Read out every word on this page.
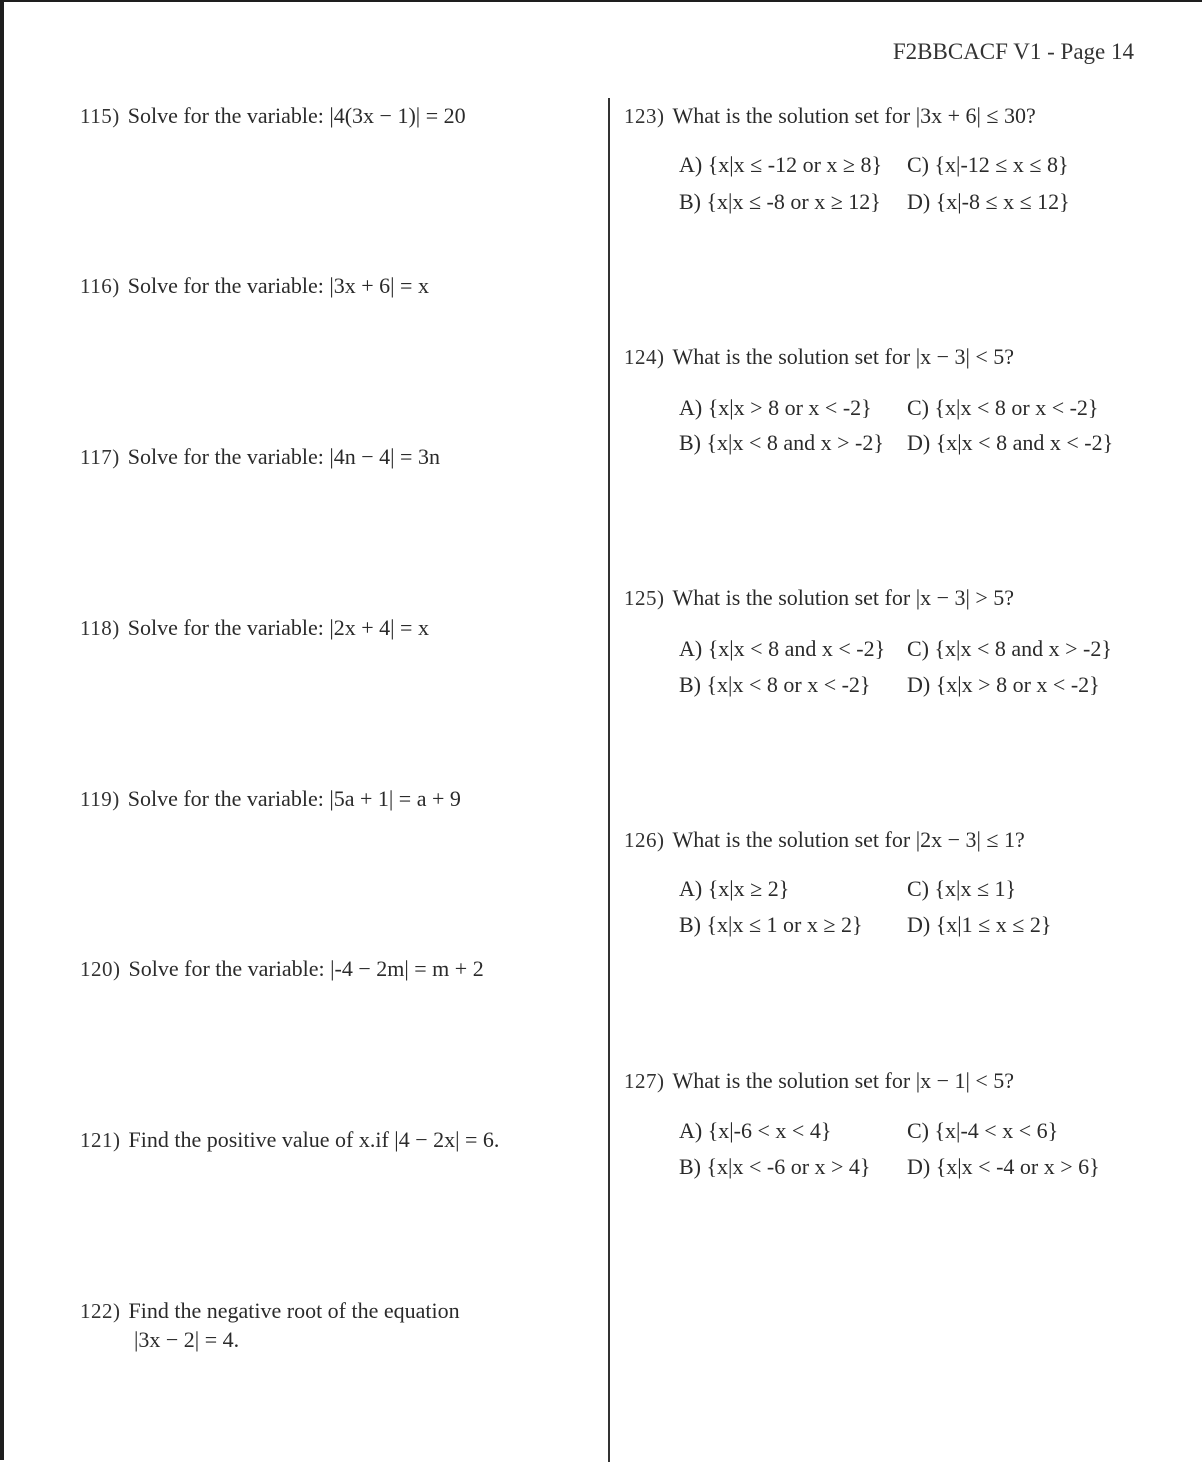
F2BBCACF V1 - Page 14
115) Solve for the variable: |4(3x − 1)| = 20
116) Solve for the variable: |3x + 6| = x
117) Solve for the variable: |4n − 4| = 3n
118) Solve for the variable: |2x + 4| = x
119) Solve for the variable: |5a + 1| = a + 9
120) Solve for the variable: |-4 − 2m| = m + 2
121) Find the positive value of x.if |4 − 2x| = 6.
122) Find the negative root of the equation
|3x − 2| = 4.
123) What is the solution set for |3x + 6| ≤ 30?
A) {x|x ≤ -12 or x ≥ 8} C) {x|-12 ≤ x ≤ 8}
B) {x|x ≤ -8 or x ≥ 12} D) {x|-8 ≤ x ≤ 12}
124) What is the solution set for |x − 3| < 5?
A) {x|x > 8 or x < -2} C) {x|x < 8 or x < -2}
B) {x|x < 8 and x > -2} D) {x|x < 8 and x < -2}
125) What is the solution set for |x − 3| > 5?
A) {x|x < 8 and x < -2} C) {x|x < 8 and x > -2}
B) {x|x < 8 or x < -2} D) {x|x > 8 or x < -2}
126) What is the solution set for |2x − 3| ≤ 1?
A) {x|x ≥ 2}	C) {x|x ≤ 1}
B) {x|x ≤ 1 or x ≥ 2} D) {x|1 ≤ x ≤ 2}
127) What is the solution set for |x − 1| < 5?
A) {x|-6 < x < 4}	C) {x|-4 < x < 6}
B) {x|x < -6 or x > 4} D) {x|x < -4 or x > 6}
